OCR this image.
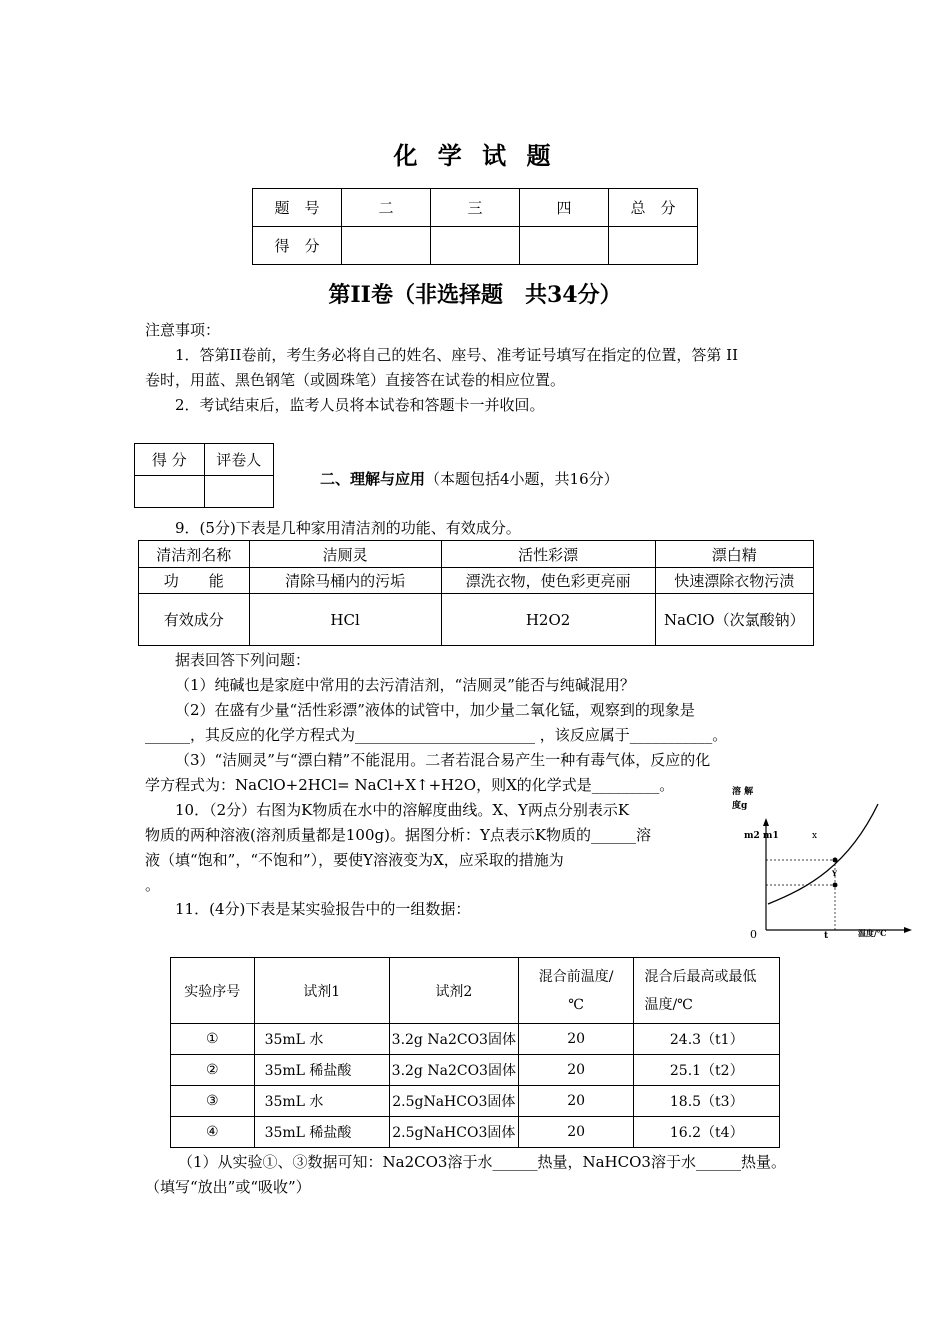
化 学 试 题
题　号	二	三	四	总　分
得　分				
第II卷（非选择题　共34分）
注意事项：
1．答第II卷前，考生务必将自己的姓名、座号、准考证号填写在指定的位置，答第 II
卷时，用蓝、黑色钢笔（或圆珠笔）直接答在试卷的相应位置。
2．考试结束后，监考人员将本试卷和答题卡一并收回。
得 分	评卷人

二、理解与应用（本题包括4小题，共16分）
9．(5分)下表是几种家用清洁剂的功能、有效成分。
清洁剂名称	洁厕灵	活性彩漂	漂白精
功　　能	清除马桶内的污垢	漂洗衣物，使色彩更亮丽	快速漂除衣物污渍
有效成分	HCl	H2O2	NaClO（次氯酸钠）
据表回答下列问题：
（1）纯碱也是家庭中常用的去污清洁剂，“洁厕灵”能否与纯碱混用？
（2）在盛有少量“活性彩漂”液体的试管中，加少量二氧化锰，观察到的现象是
______，其反应的化学方程式为________________________ ，该反应属于___________。
（3）“洁厕灵”与“漂白精”不能混用。二者若混合易产生一种有毒气体，反应的化
学方程式为：NaClO+2HCl= NaCl+X↑+H2O，则X的化学式是_________。
10．（2分）右图为K物质在水中的溶解度曲线。X、Y两点分别表示K
物质的两种溶液(溶剂质量都是100g)。据图分析：Y点表示K物质的______溶
液（填“饱和”，“不饱和”），要使Y溶液变为X，应采取的措施为
。
溶 解
度g
m2 m1	x
Y
t	温度/℃
0
11．(4分)下表是某实验报告中的一组数据：
实验序号	试剂1	试剂2	混合前温度/℃	混合后最高或最低温度/℃
①	35mL 水	3.2g Na2CO3固体	20	24.3（t1）
②	35mL 稀盐酸	3.2g Na2CO3固体	20	25.1（t2）
③	35mL 水	2.5gNaHCO3固体	20	18.5（t3）
④	35mL 稀盐酸	2.5gNaHCO3固体	20	16.2（t4）
（1）从实验①、③数据可知：Na2CO3溶于水______热量，NaHCO3溶于水______热量。
（填写“放出”或“吸收”）
